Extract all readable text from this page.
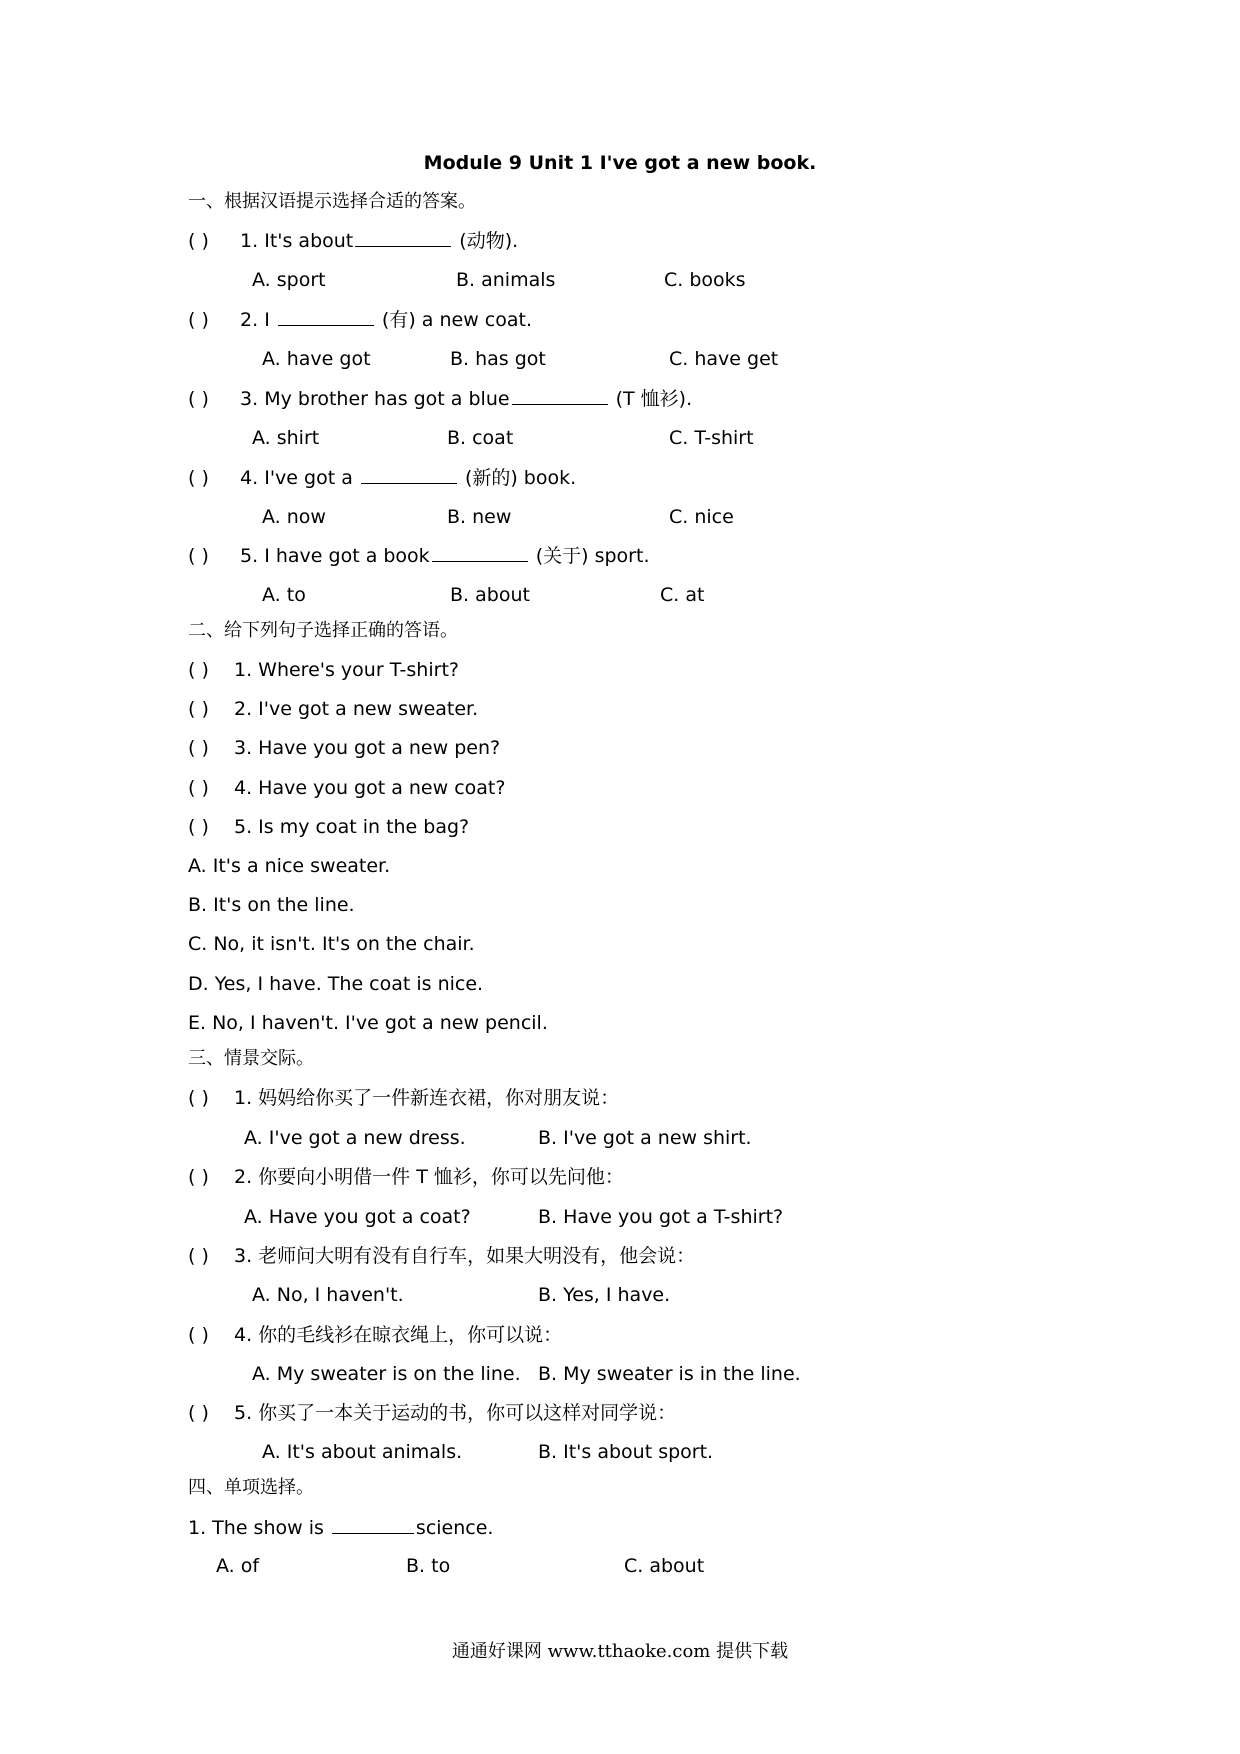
Module 9 Unit 1 I've got a new book.
一、根据汉语提示选择合适的答案。
( ) 1. It's about	(动物).
A. sport	B. animals	C. books
( ) 2. I	(有) a new coat.
A. have got	B. has got	C. have get
( ) 3. My brother has got a blue	(T 恤衫).
A. shirt	B. coat	C. T-shirt
( ) 4. I've got a	(新的) book.
A. now	B. new	C. nice
( ) 5. I have got a book	(关于) sport.
A. to	B. about	C. at
二、给下列句子选择正确的答语。
( ) 1. Where's your T-shirt?
( ) 2. I've got a new sweater.
( ) 3. Have you got a new pen?
( ) 4. Have you got a new coat?
( ) 5. Is my coat in the bag?
A. It's a nice sweater.
B. It's on the line.
C. No, it isn't. It's on the chair.
D. Yes, I have. The coat is nice.
E. No, I haven't. I've got a new pencil.
三、情景交际。
( ) 1. 妈妈给你买了一件新连衣裙，你对朋友说：
A. I've got a new dress.	B. I've got a new shirt.
( ) 2. 你要向小明借一件 T 恤衫，你可以先问他：
A. Have you got a coat?	B. Have you got a T-shirt?
( ) 3. 老师问大明有没有自行车，如果大明没有，他会说：
A. No, I haven't.	B. Yes, I have.
( ) 4. 你的毛线衫在晾衣绳上，你可以说：
A. My sweater is on the line. B. My sweater is in the line.
( ) 5. 你买了一本关于运动的书，你可以这样对同学说：
A. It's about animals.	B. It's about sport.
四、单项选择。
1. The show is	science.
A. of	B. to	C. about
通通好课网 www.tthaoke.com 提供下载
